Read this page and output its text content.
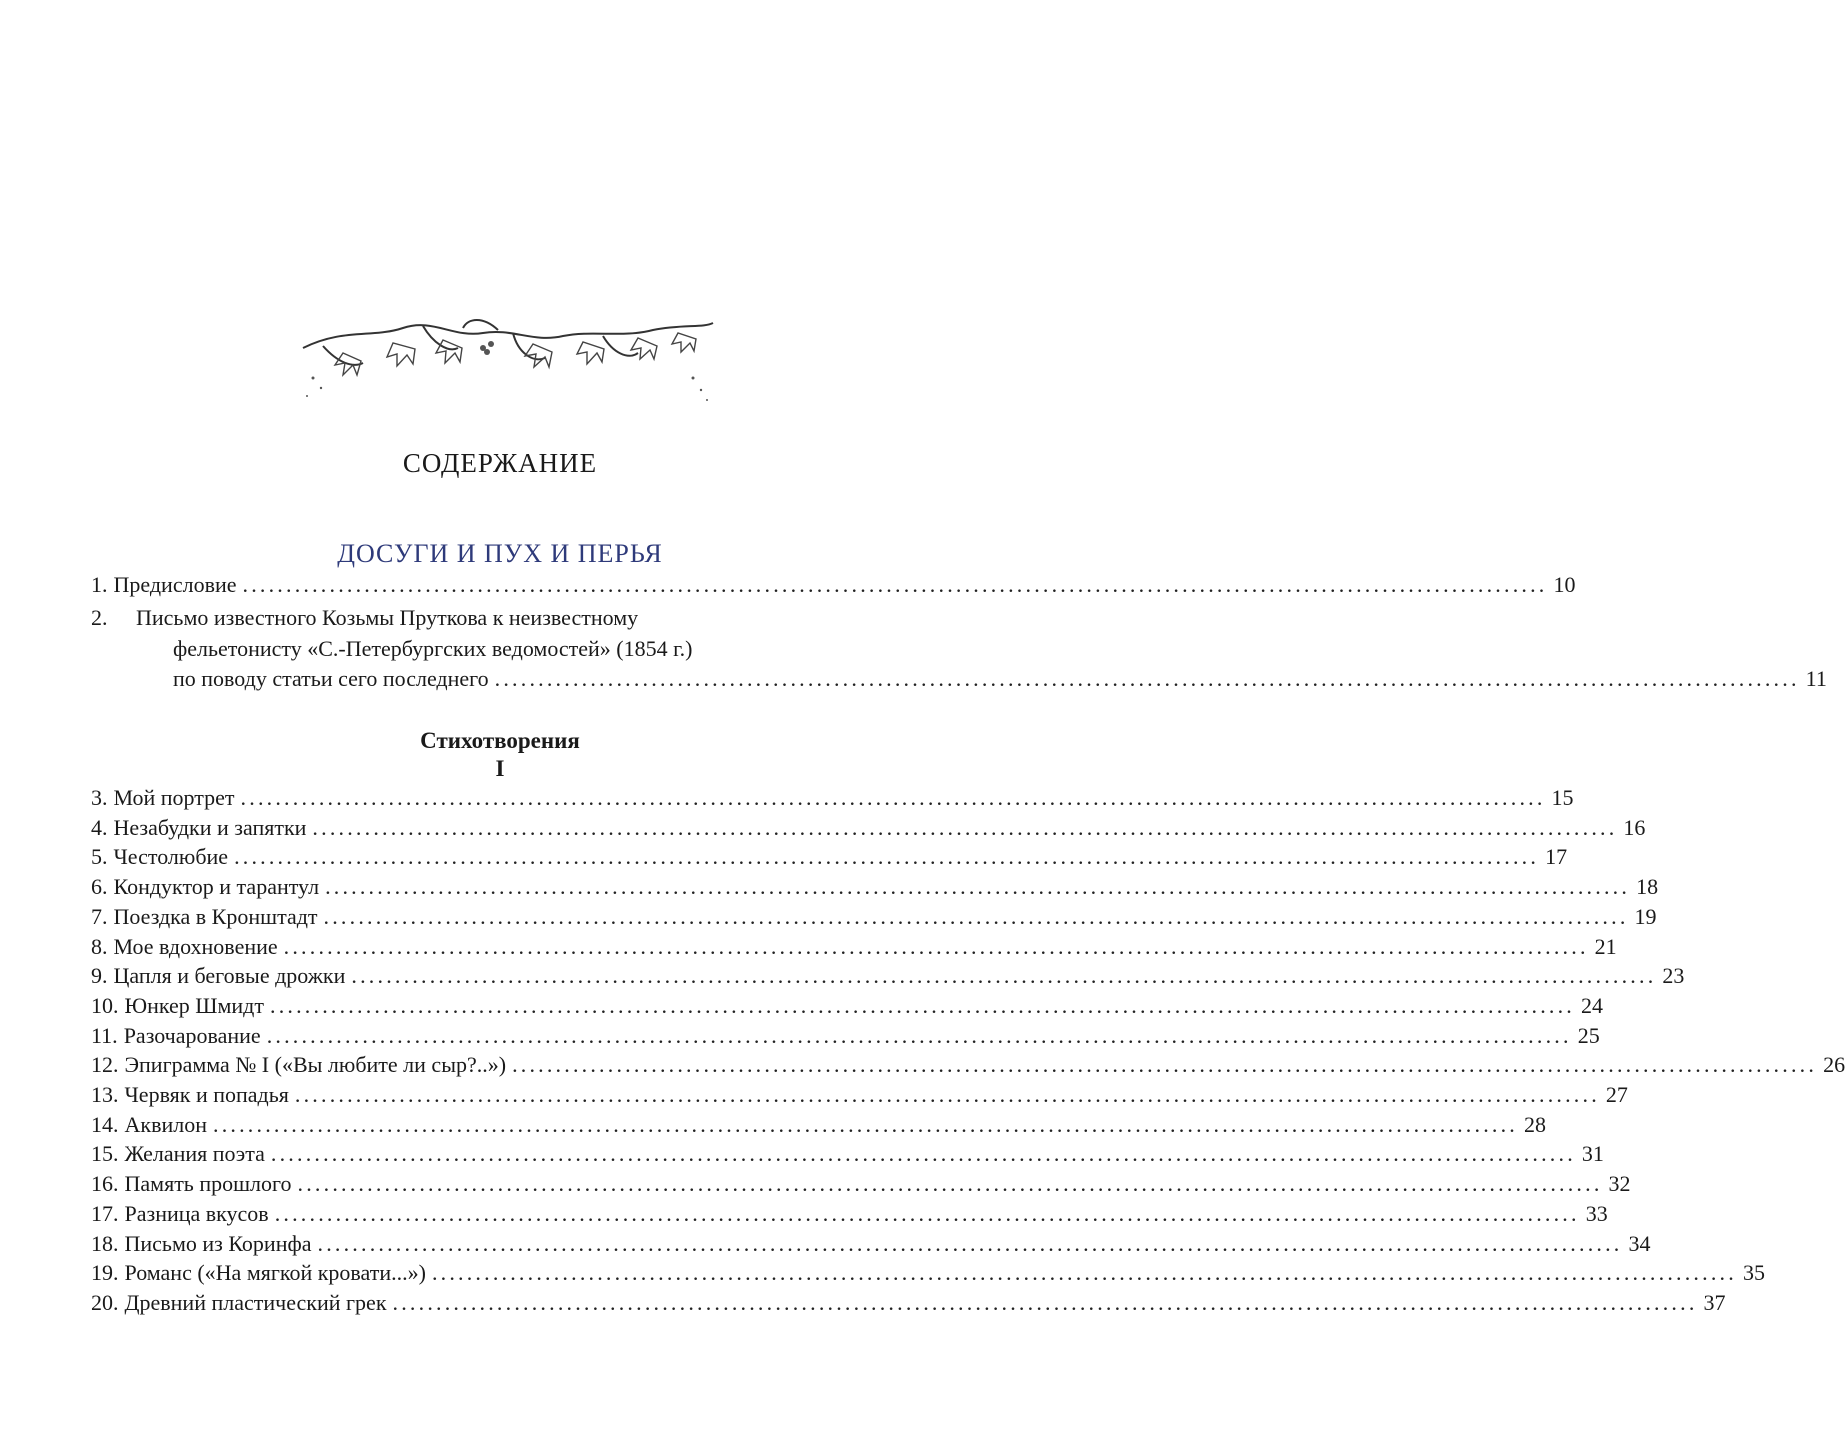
СОДЕРЖАНИЕ
ДОСУГИ И ПУХ И ПЕРЬЯ
1. Предисловие ...................................................................................................................................................... 10
2. Письмо известного Козьмы Пруткова к неизвестному
фельетонисту «С.-Петербургских ведомостей» (1854 г.)
по поводу статьи сего последнего ...................................................................................................................................................... 11
Стихотворения
I
3. Мой портрет ...................................................................................................................................................... 15
4. Незабудки и запятки ...................................................................................................................................................... 16
5. Честолюбие ...................................................................................................................................................... 17
6. Кондуктор и тарантул ...................................................................................................................................................... 18
7. Поездка в Кронштадт ...................................................................................................................................................... 19
8. Мое вдохновение ...................................................................................................................................................... 21
9. Цапля и беговые дрожки ...................................................................................................................................................... 23
10. Юнкер Шмидт ...................................................................................................................................................... 24
11. Разочарование ...................................................................................................................................................... 25
12. Эпиграмма № I («Вы любите ли сыр?..») ...................................................................................................................................................... 26
13. Червяк и попадья ...................................................................................................................................................... 27
14. Аквилон ...................................................................................................................................................... 28
15. Желания поэта ...................................................................................................................................................... 31
16. Память прошлого ...................................................................................................................................................... 32
17. Разница вкусов ...................................................................................................................................................... 33
18. Письмо из Коринфа ...................................................................................................................................................... 34
19. Романс («На мягкой кровати...») ...................................................................................................................................................... 35
20. Древний пластический грек ...................................................................................................................................................... 37
